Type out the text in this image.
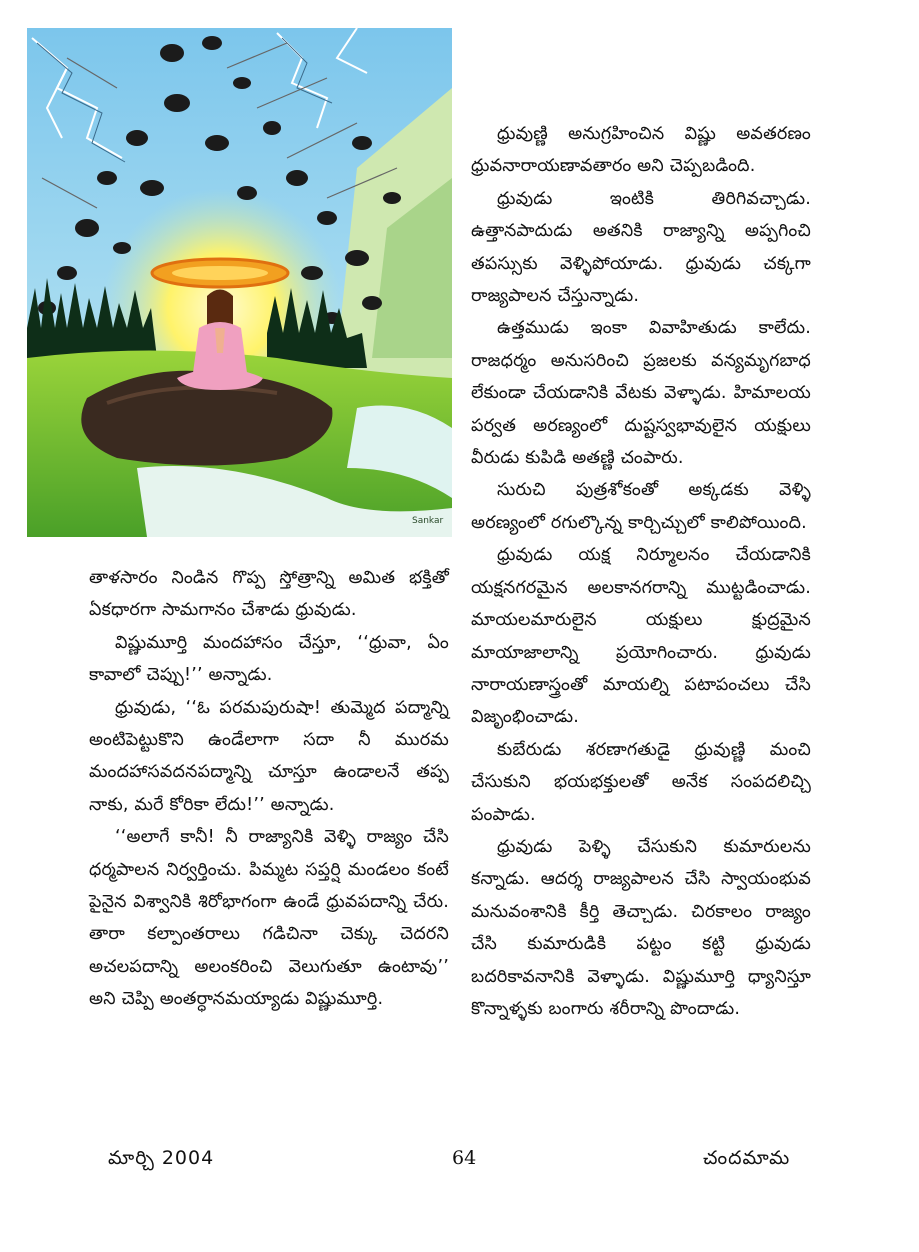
Sankar

ధ్రువుణ్ణి అనుగ్రహించిన విష్ణు అవతరణం ధ్రువనారాయణావతారం అని చెప్పబడింది.

ధ్రువుడు ఇంటికి తిరిగివచ్చాడు. ఉత్తానపాదుడు అతనికి రాజ్యాన్ని అప్పగించి తపస్సుకు వెళ్ళిపోయాడు. ధ్రువుడు చక్కగా రాజ్యపాలన చేస్తున్నాడు.

ఉత్తముడు ఇంకా వివాహితుడు కాలేదు. రాజధర్మం అనుసరించి ప్రజలకు వన్యమృగబాధ లేకుండా చేయడానికి వేటకు వెళ్ళాడు. హిమాలయ పర్వత అరణ్యంలో దుష్టస్వభావులైన యక్షులు వీరుడు కుపిడి అతణ్ణి చంపారు.

సురుచి పుత్రశోకంతో అక్కడకు వెళ్ళి అరణ్యంలో రగుల్కొన్న కార్చిచ్చులో కాలిపోయింది.

ధ్రువుడు యక్ష నిర్మూలనం చేయడానికి యక్షనగరమైన అలకానగరాన్ని ముట్టడించాడు. మాయలమారులైన యక్షులు క్షుద్రమైన మాయాజాలాన్ని ప్రయోగించారు. ధ్రువుడు నారాయణాస్త్రంతో మాయల్ని పటాపంచలు చేసి విజృంభించాడు.

కుబేరుడు శరణాగతుడై ధ్రువుణ్ణి మంచి చేసుకుని భయభక్తులతో అనేక సంపదలిచ్చి పంపాడు.

ధ్రువుడు పెళ్ళి చేసుకుని కుమారులను కన్నాడు. ఆదర్శ రాజ్యపాలన చేసి స్వాయంభువ మనువంశానికి కీర్తి తెచ్చాడు. చిరకాలం రాజ్యం చేసి కుమారుడికి పట్టం కట్టి ధ్రువుడు బదరికావనానికి వెళ్ళాడు. విష్ణుమూర్తి ధ్యానిస్తూ కొన్నాళ్ళకు బంగారు శరీరాన్ని పొందాడు.

తాళసారం నిండిన గొప్ప స్తోత్రాన్ని అమిత భక్తితో ఏకధారగా సామగానం చేశాడు ధ్రువుడు.

విష్ణుమూర్తి మందహాసం చేస్తూ, ‘‘ధ్రువా, ఏం కావాలో చెప్పు!’’ అన్నాడు.

ధ్రువుడు, ‘‘ఓ పరమపురుషా! తుమ్మెద పద్మాన్ని అంటిపెట్టుకొని ఉండేలాగా సదా నీ మురమ మందహాసవదనపద్మాన్ని చూస్తూ ఉండాలనే తప్ప నాకు, మరే కోరికా లేదు!’’ అన్నాడు.

‘‘అలాగే కానీ! నీ రాజ్యానికి వెళ్ళి రాజ్యం చేసి ధర్మపాలన నిర్వర్తించు. పిమ్మట సప్తర్షి మండలం కంటే పైనైన విశ్వానికి శిరోభాగంగా ఉండే ధ్రువపదాన్ని చేరు. తారా కల్పాంతరాలు గడిచినా చెక్కు చెదరని అచలపదాన్ని అలంకరించి వెలుగుతూ ఉంటావు’’ అని చెప్పి అంతర్ధానమయ్యాడు విష్ణుమూర్తి.

మార్చి 2004	64	చందమామ
